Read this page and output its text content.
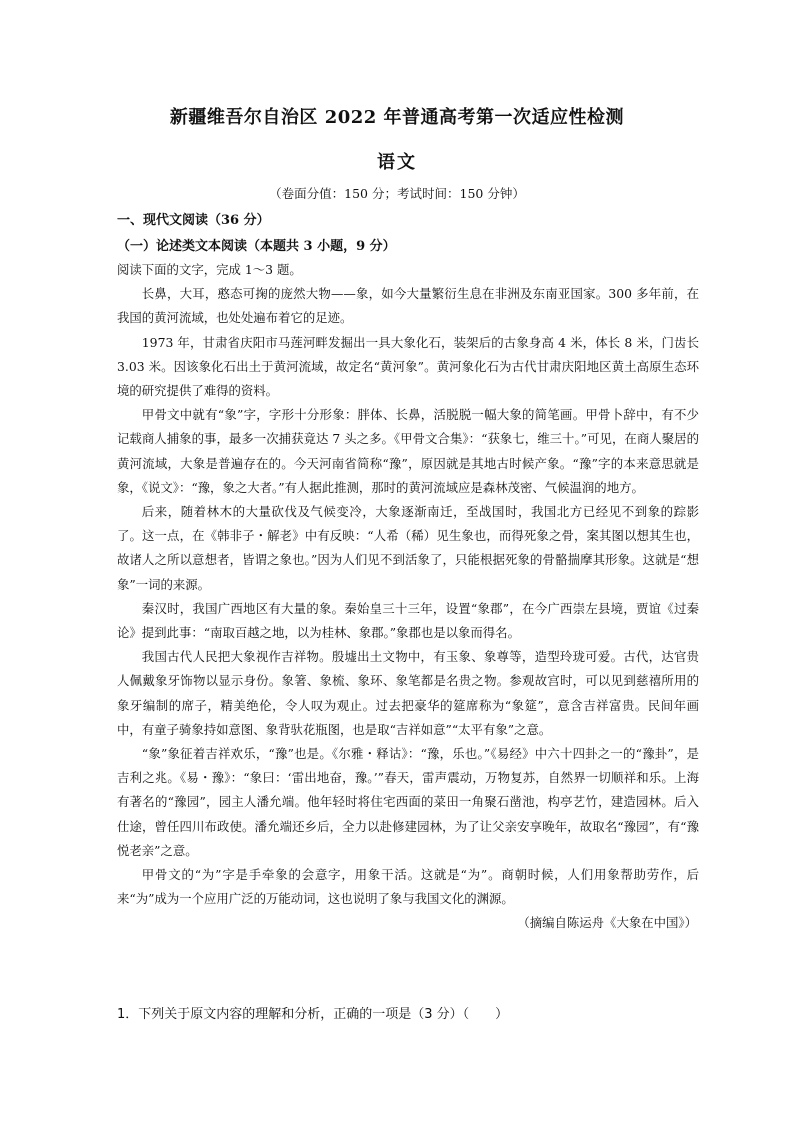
新疆维吾尔自治区 2022 年普通高考第一次适应性检测
语文
（卷面分值：150 分；考试时间：150 分钟）
一、现代文阅读（36 分）
（一）论述类文本阅读（本题共 3 小题，9 分）

阅读下面的文字，完成 1～3 题。

长鼻，大耳，憨态可掬的庞然大物——象，如今大量繁衍生息在非洲及东南亚国家。300 多年前，在我国的黄河流域，也处处遍布着它的足迹。

1973 年，甘肃省庆阳市马莲河畔发掘出一具大象化石，装架后的古象身高 4 米，体长 8 米，门齿长 3.03 米。因该象化石出土于黄河流域，故定名“黄河象”。黄河象化石为古代甘肃庆阳地区黄土高原生态环境的研究提供了难得的资料。

甲骨文中就有“象”字，字形十分形象：胖体、长鼻，活脱脱一幅大象的简笔画。甲骨卜辞中，有不少记载商人捕象的事，最多一次捕获竟达 7 头之多。《甲骨文合集》：“获象七，维三十。”可见，在商人聚居的黄河流域，大象是普遍存在的。今天河南省简称“豫”，原因就是其地古时候产象。“豫”字的本来意思就是象，《说文》：“豫，象之大者。”有人据此推测，那时的黄河流域应是森林茂密、气候温润的地方。

后来，随着林木的大量砍伐及气候变冷，大象逐渐南迁，至战国时，我国北方已经见不到象的踪影了。这一点，在《韩非子・解老》中有反映：“人希（稀）见生象也，而得死象之骨，案其图以想其生也，故诸人之所以意想者，皆谓之象也。”因为人们见不到活象了，只能根据死象的骨骼揣摩其形象。这就是“想象”一词的来源。

秦汉时，我国广西地区有大量的象。秦始皇三十三年，设置“象郡”，在今广西崇左县境，贾谊《过秦论》提到此事：“南取百越之地，以为桂林、象郡。”象郡也是以象而得名。

我国古代人民把大象视作吉祥物。殷墟出土文物中，有玉象、象尊等，造型玲珑可爱。古代，达官贵人佩戴象牙饰物以显示身份。象箸、象梳、象环、象笔都是名贵之物。参观故宫时，可以见到慈禧所用的象牙编制的席子，精美绝伦，令人叹为观止。过去把豪华的筵席称为“象筵”，意含吉祥富贵。民间年画中，有童子骑象持如意图、象背驮花瓶图，也是取“吉祥如意”“太平有象”之意。

“象”象征着吉祥欢乐，“豫”也是。《尔雅・释诂》：“豫，乐也。”《易经》中六十四卦之一的“豫卦”，是吉利之兆。《易・豫》：“象曰：‘雷出地奋，豫。’”春天，雷声震动，万物复苏，自然界一切顺祥和乐。上海有著名的“豫园”，园主人潘允端。他年轻时将住宅西面的菜田一角聚石凿池，构亭艺竹，建造园林。后入仕途，曾任四川布政使。潘允端还乡后，全力以赴修建园林，为了让父亲安享晚年，故取名“豫园”，有“豫悦老亲”之意。

甲骨文的“为”字是手牵象的会意字，用象干活。这就是“为”。商朝时候，人们用象帮助劳作，后来“为”成为一个应用广泛的万能动词，这也说明了象与我国文化的渊源。

（摘编自陈运舟《大象在中国》）

1．下列关于原文内容的理解和分析，正确的一项是（3 分）（　　）
